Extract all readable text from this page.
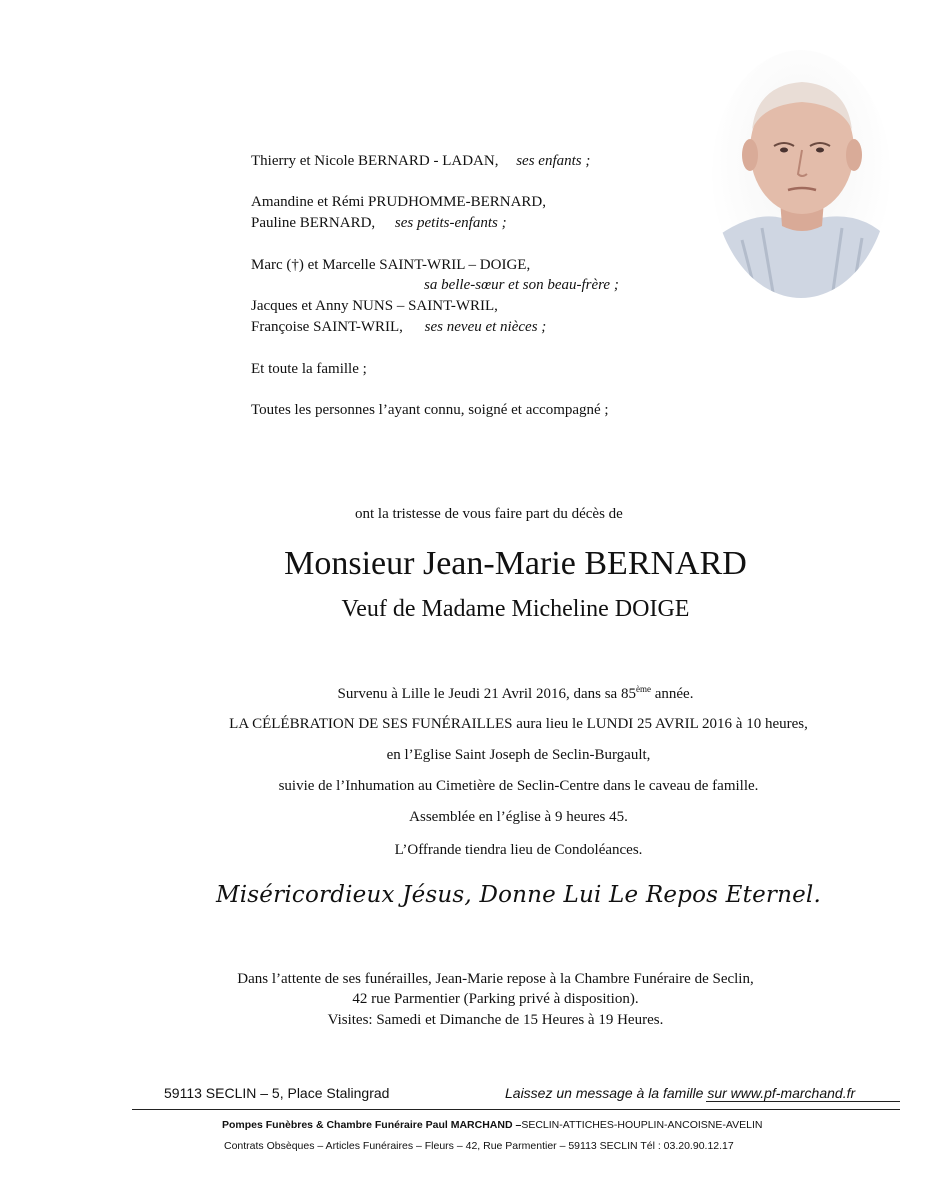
Thierry et Nicole BERNARD - LADAN, ses enfants ;
Amandine et Rémi PRUDHOMME-BERNARD,
Pauline BERNARD, ses petits-enfants ;
Marc (†) et Marcelle SAINT-WRIL – DOIGE,
sa belle-sœur et son beau-frère ;
Jacques et Anny NUNS – SAINT-WRIL,
Françoise SAINT-WRIL, ses neveu et nièces ;
Et toute la famille ;
Toutes les personnes l’ayant connu, soigné et accompagné ;
ont la tristesse de vous faire part du décès de
Monsieur Jean-Marie BERNARD
Veuf de Madame Micheline DOIGE
Survenu à Lille le Jeudi 21 Avril 2016, dans sa 85ème année.
LA CÉLÉBRATION DE SES FUNÉRAILLES aura lieu le LUNDI 25 AVRIL 2016 à 10 heures,
en l’Eglise Saint Joseph de Seclin-Burgault,
suivie de l’Inhumation au Cimetière de Seclin-Centre dans le caveau de famille.
Assemblée en l’église à 9 heures 45.
L’Offrande tiendra lieu de Condoléances.
Miséricordieux Jésus, Donne Lui Le Repos Eternel.
Dans l’attente de ses funérailles, Jean-Marie repose à la Chambre Funéraire de Seclin,
42 rue Parmentier (Parking privé à disposition).
Visites: Samedi et Dimanche de 15 Heures à 19 Heures.
59113 SECLIN – 5, Place Stalingrad	Laissez un message à la famille sur www.pf-marchand.fr
Pompes Funèbres & Chambre Funéraire Paul MARCHAND –SECLIN-ATTICHES-HOUPLIN-ANCOISNE-AVELIN
Contrats Obsèques – Articles Funéraires – Fleurs – 42, Rue Parmentier – 59113 SECLIN Tél : 03.20.90.12.17
